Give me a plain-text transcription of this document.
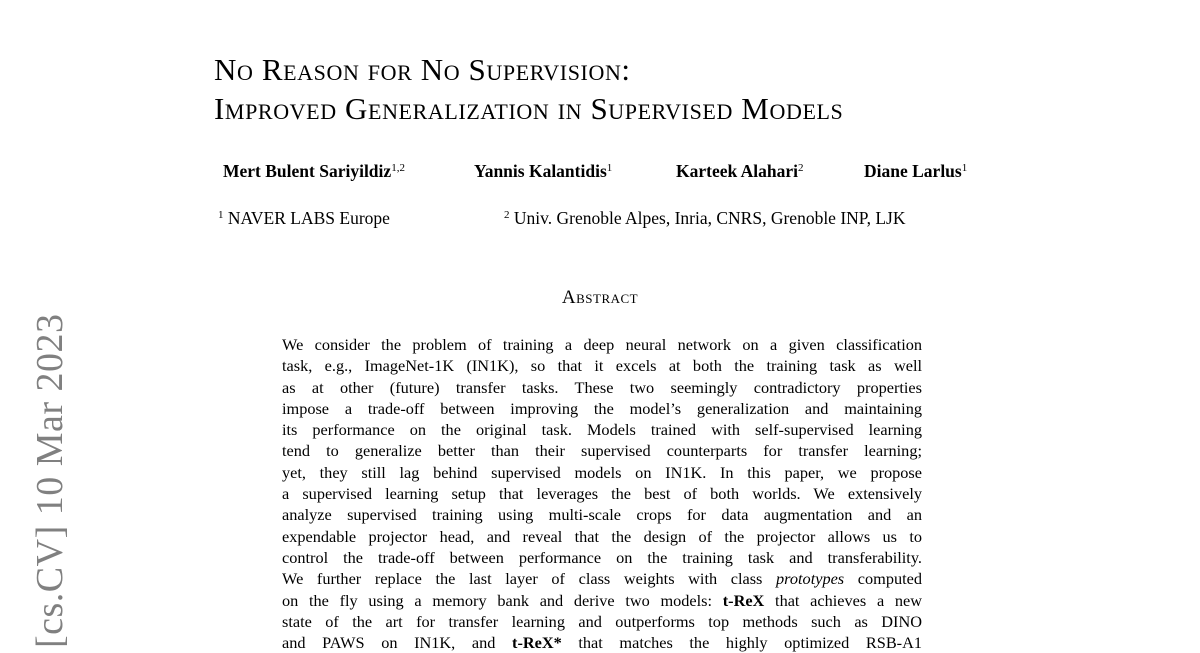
[cs.CV] 10 Mar 2023
No Reason for No Supervision:
Improved Generalization in Supervised Models
Mert Bulent Sariyildiz$^{1,2}$	Yannis Kalantidis$^1$	Karteek Alahari$^2$	Diane Larlus$^1$
$^1$ NAVER LABS Europe	$^2$ Univ. Grenoble Alpes, Inria, CNRS, Grenoble INP, LJK
Abstract
We consider the problem of training a deep neural network on a given classification
task, e.g., ImageNet-1K (IN1K), so that it excels at both the training task as well
as at other (future) transfer tasks. These two seemingly contradictory properties
impose a trade-off between improving the model’s generalization and maintaining
its performance on the original task. Models trained with self-supervised learning
tend to generalize better than their supervised counterparts for transfer learning;
yet, they still lag behind supervised models on IN1K. In this paper, we propose
a supervised learning setup that leverages the best of both worlds. We extensively
analyze supervised training using multi-scale crops for data augmentation and an
expendable projector head, and reveal that the design of the projector allows us to
control the trade-off between performance on the training task and transferability.
We further replace the last layer of class weights with class prototypes computed
on the fly using a memory bank and derive two models: t-ReX that achieves a new
state of the art for transfer learning and outperforms top methods such as DINO
and PAWS on IN1K, and t-ReX* that matches the highly optimized RSB-A1
